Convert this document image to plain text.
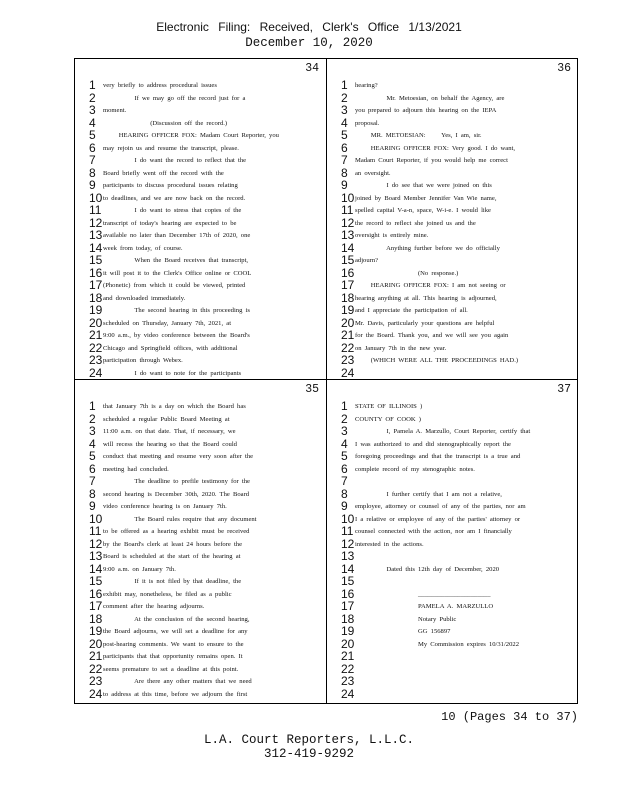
Electronic Filing: Received, Clerk's Office 1/13/2021
December 10, 2020
34
1 very briefly to address procedural issues
2 If we may go off the record just for a
3 moment.
4 (Discussion off the record.)
5 HEARING OFFICER FOX: Madam Court Reporter, you
6 may rejoin us and resume the transcript, please.
7 I do want the record to reflect that the
8 Board briefly went off the record with the
9 participants to discuss procedural issues relating
10 to deadlines, and we are now back on the record.
11 I do want to stress that copies of the
12 transcript of today's hearing are expected to be
13 available no later than December 17th of 2020, one
14 week from today, of course.
15 When the Board receives that transcript,
16 it will post it to the Clerk's Office online or COOL
17 (Phonetic) from which it could be viewed, printed
18 and downloaded immediately.
19 The second hearing in this proceeding is
20 scheduled on Thursday, January 7th, 2021, at
21 9:00 a.m., by video conference between the Board's
22 Chicago and Springfield offices, with additional
23 participation through Webex.
24 I do want to note for the participants
36
1 hearing?
2 Mr. Metoesian, on behalf the Agency, are
3 you prepared to adjourn this hearing on the IEPA
4 proposal.
5 MR. METOESIAN:     Yes, I am, sir.
6 HEARING OFFICER FOX: Very good. I do want,
7 Madam Court Reporter, if you would help me correct
8 an oversight.
9 I do see that we were joined on this
10 joined by Board Member Jennifer Van Wie name,
11 spelled capital V-a-n, space, W-i-e. I would like
12 the record to reflect she joined us and the
13 oversight is entirely mine.
14 Anything further before we do officially
15 adjourn?
16 (No response.)
17 HEARING OFFICER FOX: I am not seeing or
18 hearing anything at all. This hearing is adjourned,
19 and I appreciate the participation of all.
20 Mr. Davis, particularly your questions are helpful
21 for the Board. Thank you, and we will see you again
22 on January 7th in the new year.
23 (WHICH WERE ALL THE PROCEEDINGS HAD.)
24
35
1 that January 7th is a day on which the Board has
2 scheduled a regular Public Board Meeting at
3 11:00 a.m. on that date. That, if necessary, we
4 will recess the hearing so that the Board could
5 conduct that meeting and resume very soon after the
6 meeting had concluded.
7 The deadline to prefile testimony for the
8 second hearing is December 30th, 2020. The Board
9 video conference hearing is on January 7th.
10 The Board rules require that any document
11 to be offered as a hearing exhibit must be received
12 by the Board's clerk at least 24 hours before the
13 Board is scheduled at the start of the hearing at
14 9:00 a.m. on January 7th.
15 If it is not filed by that deadline, the
16 exhibit may, nonetheless, be filed as a public
17 comment after the hearing adjourns.
18 At the conclusion of the second hearing,
19 the Board adjourns, we will set a deadline for any
20 post-hearing comments. We want to ensure to the
21 participants that that opportunity remains open. It
22 seems premature to set a deadline at this point.
23 Are there any other matters that we need
24 to address at this time, before we adjourn the first
37
1 STATE OF ILLINOIS )
2 COUNTY OF COOK )
3 I, Pamela A. Marzullo, Court Reporter, certify that
4 I was authorized to and did stenographically report the
5 foregoing proceedings and that the transcript is a true and
6 complete record of my stenographic notes.
7
8 I further certify that I am not a relative,
9 employee, attorney or counsel of any of the parties, nor am
10 I a relative or employee of any of the parties' attorney or
11 counsel connected with the action, nor am I financially
12 interested in the actions.
13
14 Dated this 12th day of December, 2020
15
16 ______________________
17 PAMELA A. MARZULLO
18 Notary Public
19 GG 156897
20 My Commission expires 10/31/2022
21
22
23
24
10 (Pages 34 to 37)
L.A. Court Reporters, L.L.C.
312-419-9292
